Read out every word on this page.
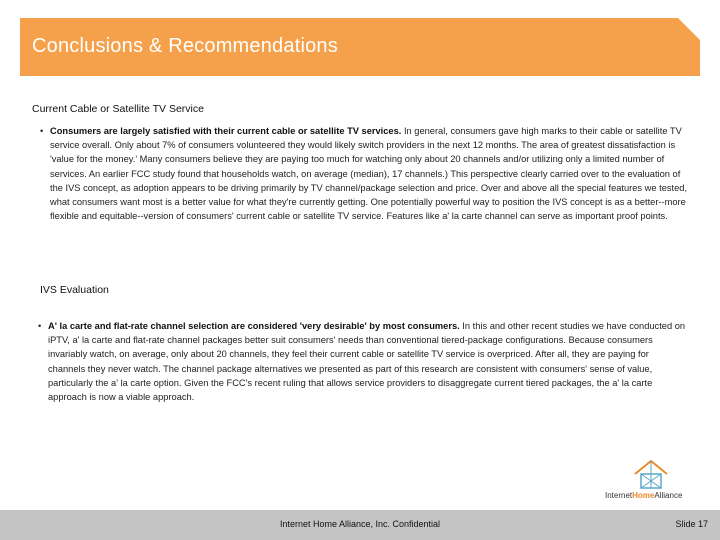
Conclusions & Recommendations
Current Cable or Satellite TV Service
• Consumers are largely satisfied with their current cable or satellite TV services. In general, consumers gave high marks to their cable or satellite TV service overall. Only about 7% of consumers volunteered they would likely switch providers in the next 12 months. The area of greatest dissatisfaction is 'value for the money.' Many consumers believe they are paying too much for watching only about 20 channels and/or utilizing only a limited number of services. An earlier FCC study found that households watch, on average (median), 17 channels.) This perspective clearly carried over to the evaluation of the IVS concept, as adoption appears to be driving primarily by TV channel/package selection and price. Over and above all the special features we tested, what consumers want most is a better value for what they're currently getting. One potentially powerful way to position the IVS concept is as a better--more flexible and equitable--version of consumers' current cable or satellite TV service. Features like a' la carte channel can serve as important proof points.
IVS Evaluation
• A' la carte and flat-rate channel selection are considered 'very desirable' by most consumers. In this and other recent studies we have conducted on iPTV, a' la carte and flat-rate channel packages better suit consumers' needs than conventional tiered-package configurations. Because consumers invariably watch, on average, only about 20 channels, they feel their current cable or satellite TV service is overpriced. After all, they are paying for channels they never watch. The channel package alternatives we presented as part of this research are consistent with consumers' sense of value, particularly the a' la carte option. Given the FCC's recent ruling that allows service providers to disaggregate current tiered packages, the a' la carte approach is now a viable approach.
InternetHomeAlliance
Internet Home Alliance, Inc. Confidential	Slide 17
